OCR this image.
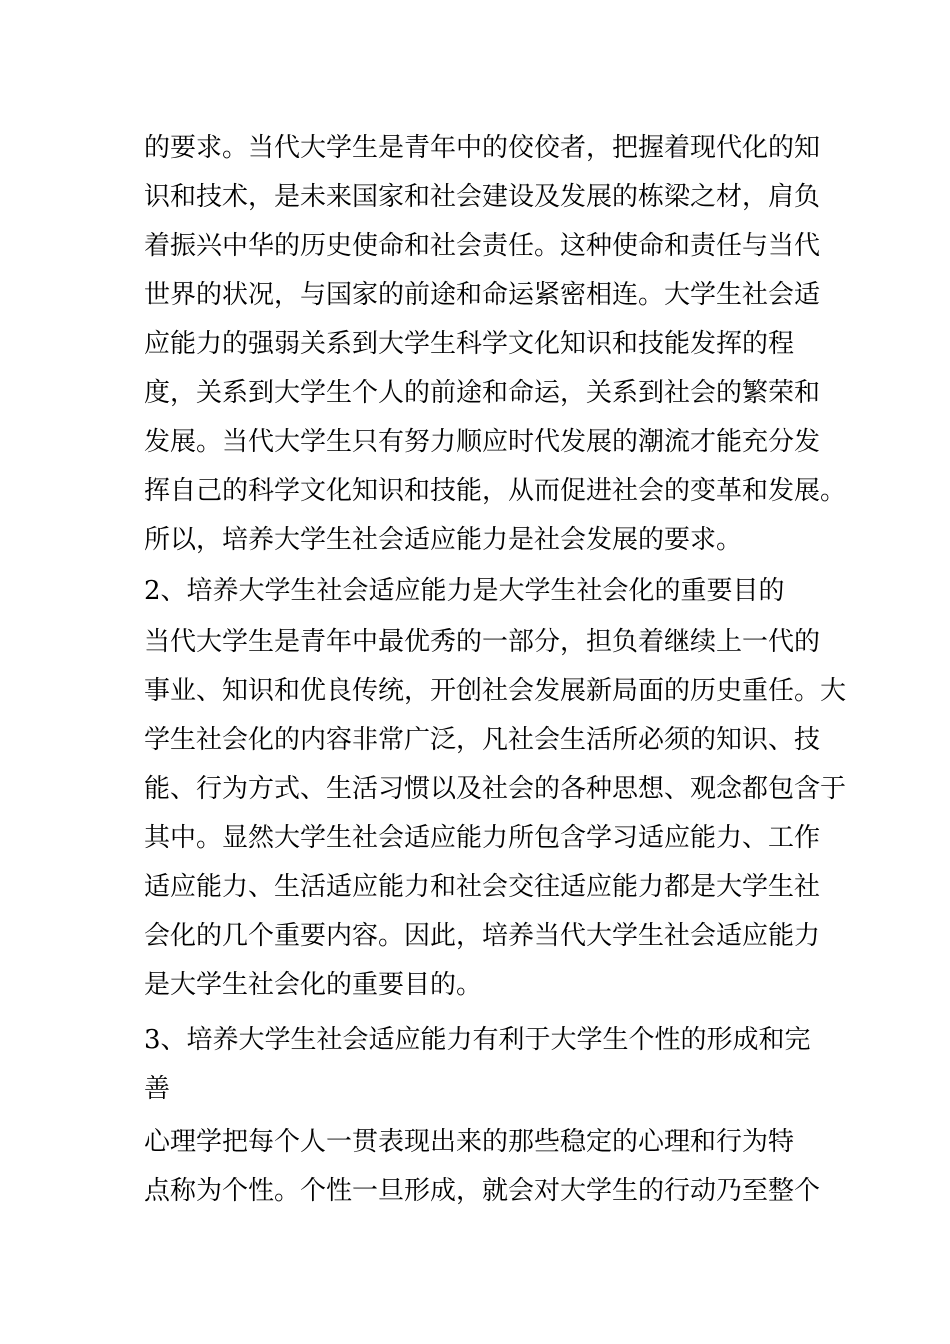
的要求。当代大学生是青年中的佼佼者，把握着现代化的知

识和技术，是未来国家和社会建设及发展的栋梁之材，肩负

着振兴中华的历史使命和社会责任。这种使命和责任与当代

世界的状况，与国家的前途和命运紧密相连。大学生社会适

应能力的强弱关系到大学生科学文化知识和技能发挥的程

度，关系到大学生个人的前途和命运，关系到社会的繁荣和

发展。当代大学生只有努力顺应时代发展的潮流才能充分发

挥自己的科学文化知识和技能，从而促进社会的变革和发展。

所以，培养大学生社会适应能力是社会发展的要求。

2、培养大学生社会适应能力是大学生社会化的重要目的

当代大学生是青年中最优秀的一部分，担负着继续上一代的

事业、知识和优良传统，开创社会发展新局面的历史重任。大

学生社会化的内容非常广泛，凡社会生活所必须的知识、技

能、行为方式、生活习惯以及社会的各种思想、观念都包含于

其中。显然大学生社会适应能力所包含学习适应能力、工作

适应能力、生活适应能力和社会交往适应能力都是大学生社

会化的几个重要内容。因此，培养当代大学生社会适应能力

是大学生社会化的重要目的。

3、培养大学生社会适应能力有利于大学生个性的形成和完

善

心理学把每个人一贯表现出来的那些稳定的心理和行为特

点称为个性。个性一旦形成，就会对大学生的行动乃至整个
